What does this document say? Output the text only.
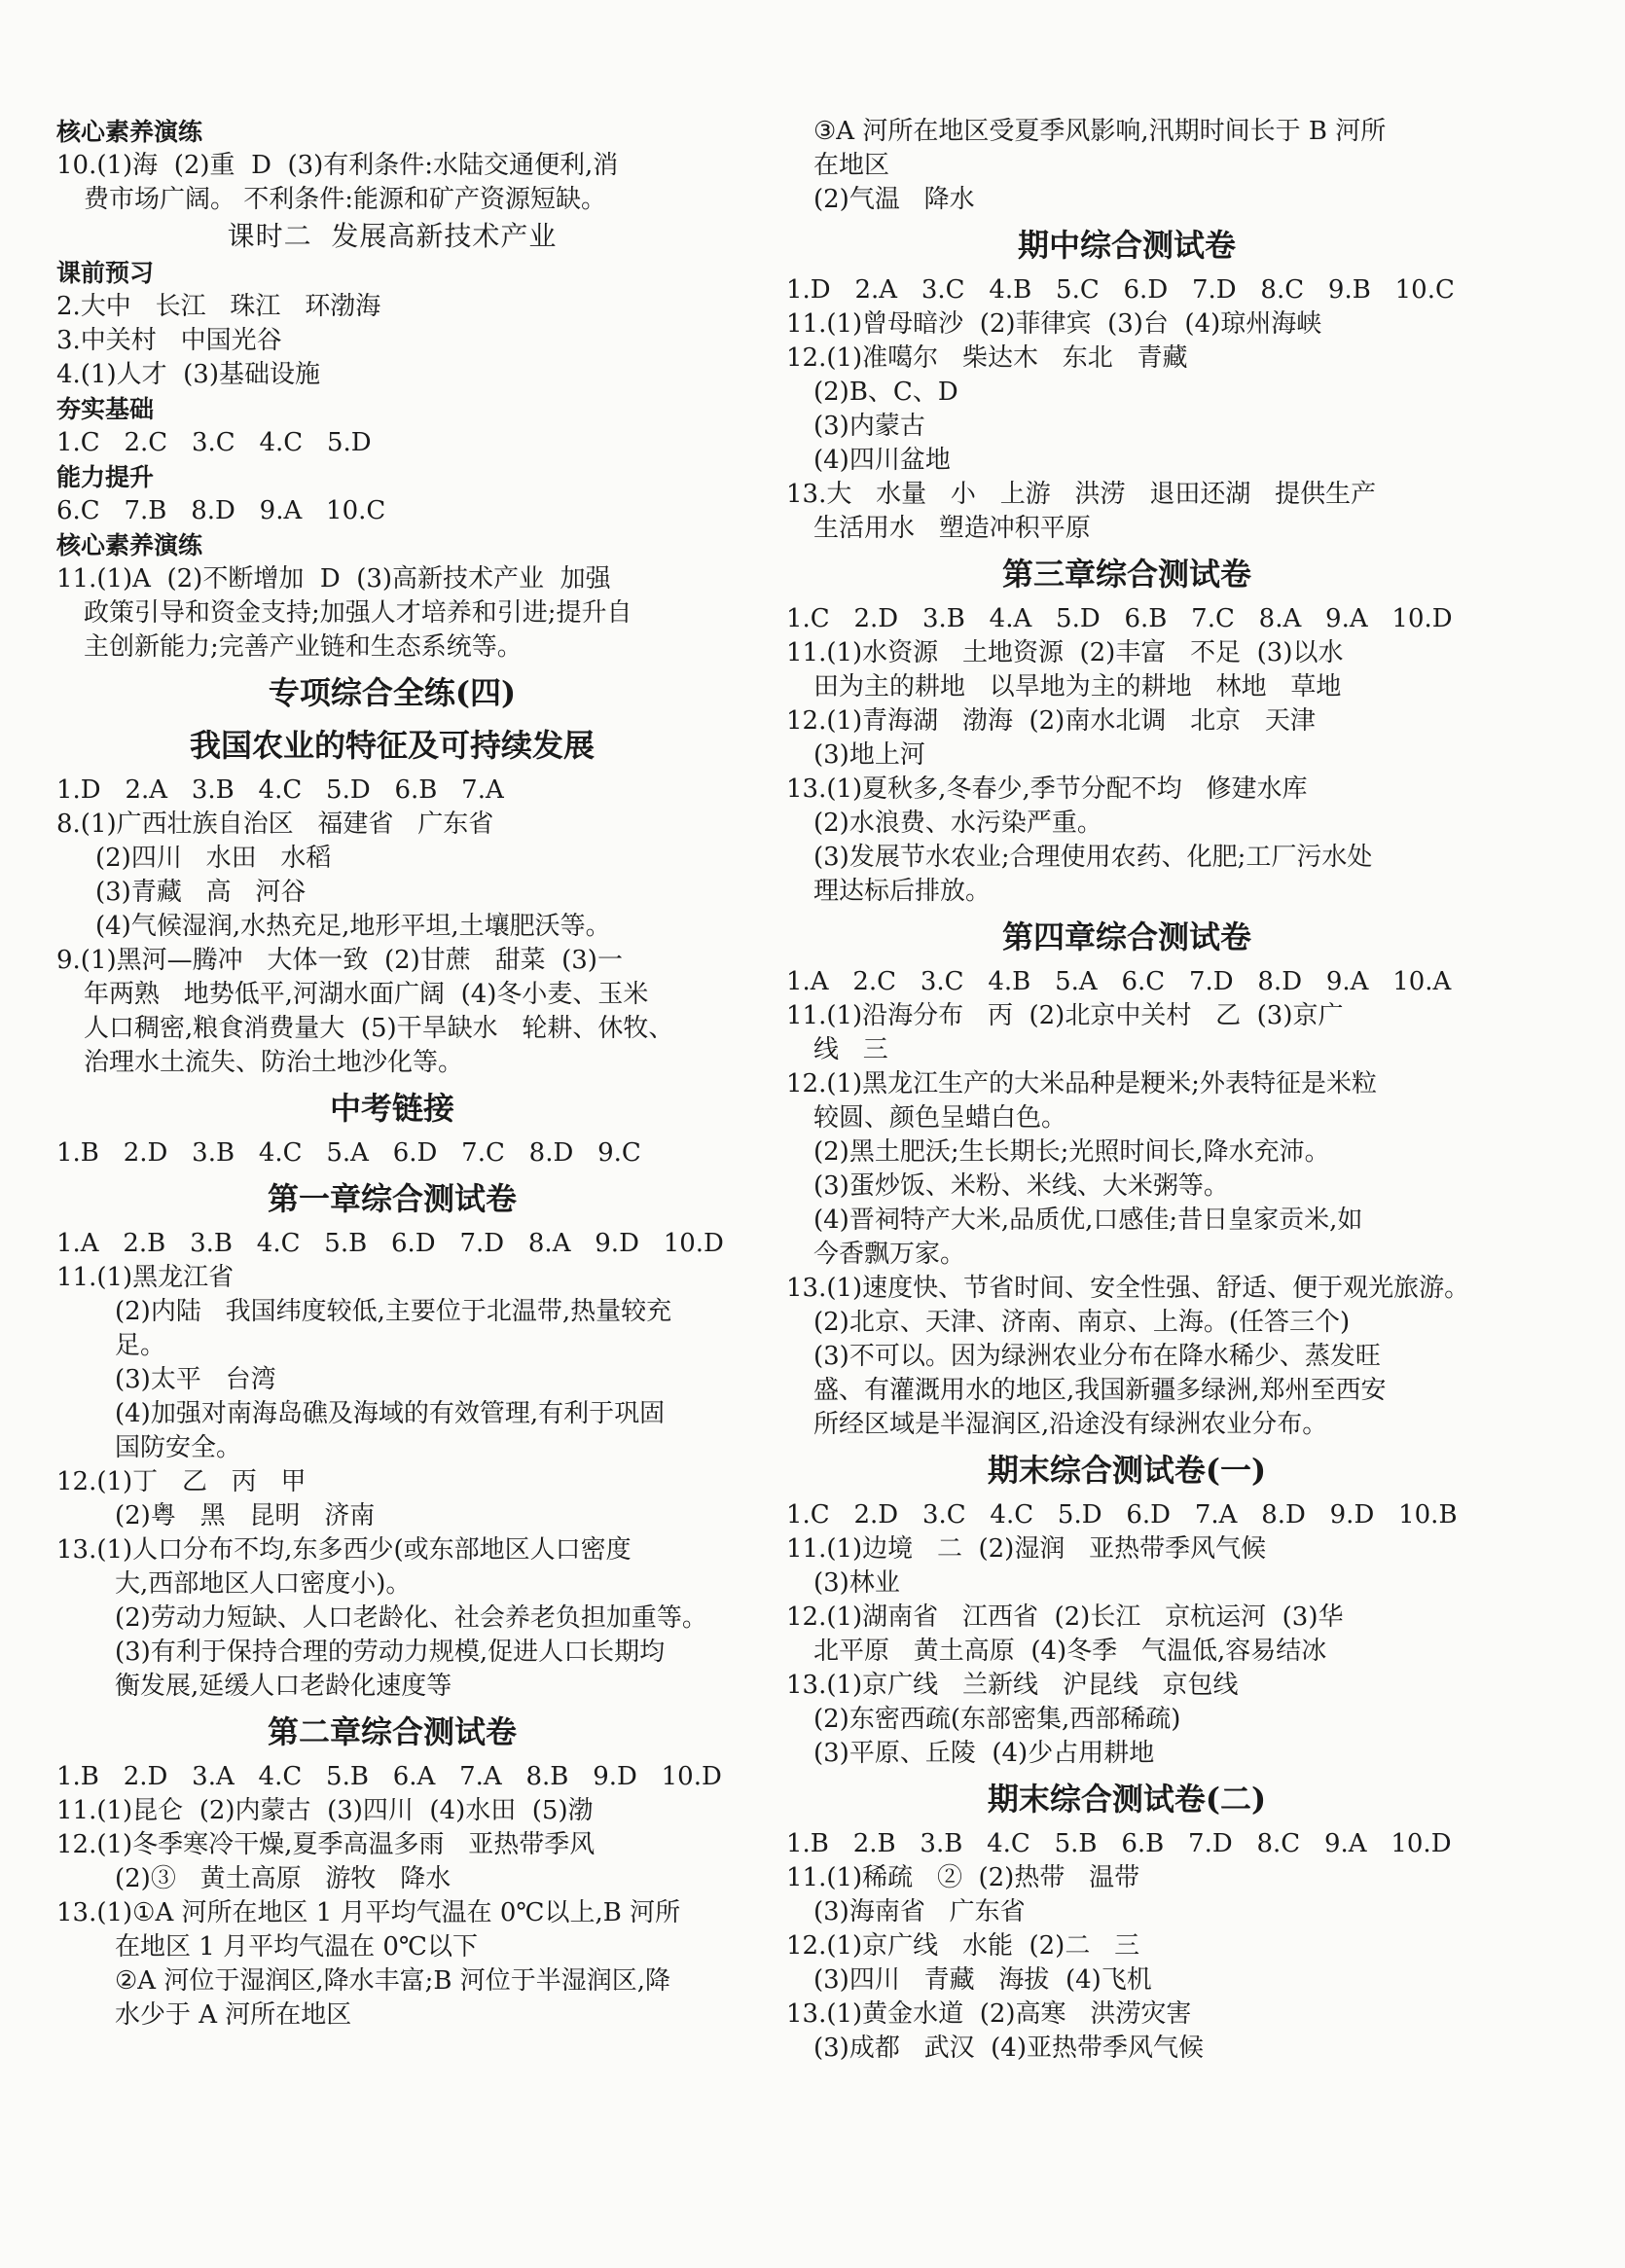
核心素养演练
10.(1)海  (2)重  D  (3)有利条件:水陆交通便利,消
费市场广阔。 不利条件:能源和矿产资源短缺。
课时二  发展高新技术产业
课前预习
2.大中   长江   珠江   环渤海
3.中关村   中国光谷
4.(1)人才  (3)基础设施
夯实基础
1.C   2.C   3.C   4.C   5.D
能力提升
6.C   7.B   8.D   9.A   10.C
核心素养演练
11.(1)A  (2)不断增加  D  (3)高新技术产业  加强
政策引导和资金支持;加强人才培养和引进;提升自
主创新能力;完善产业链和生态系统等。
专项综合全练(四)
我国农业的特征及可持续发展
1.D   2.A   3.B   4.C   5.D   6.B   7.A
8.(1)广西壮族自治区   福建省   广东省
(2)四川   水田   水稻
(3)青藏   高   河谷
(4)气候湿润,水热充足,地形平坦,土壤肥沃等。
9.(1)黑河—腾冲   大体一致  (2)甘蔗   甜菜  (3)一
年两熟   地势低平,河湖水面广阔  (4)冬小麦、玉米
人口稠密,粮食消费量大  (5)干旱缺水   轮耕、休牧、
治理水土流失、防治土地沙化等。
中考链接
1.B   2.D   3.B   4.C   5.A   6.D   7.C   8.D   9.C
第一章综合测试卷
1.A   2.B   3.B   4.C   5.B   6.D   7.D   8.A   9.D   10.D
11.(1)黑龙江省
(2)内陆   我国纬度较低,主要位于北温带,热量较充
足。
(3)太平   台湾
(4)加强对南海岛礁及海域的有效管理,有利于巩固
国防安全。
12.(1)丁   乙   丙   甲
(2)粤   黑   昆明   济南
13.(1)人口分布不均,东多西少(或东部地区人口密度
大,西部地区人口密度小)。
(2)劳动力短缺、人口老龄化、社会养老负担加重等。
(3)有利于保持合理的劳动力规模,促进人口长期均
衡发展,延缓人口老龄化速度等
第二章综合测试卷
1.B   2.D   3.A   4.C   5.B   6.A   7.A   8.B   9.D   10.D
11.(1)昆仑  (2)内蒙古  (3)四川  (4)水田  (5)渤
12.(1)冬季寒冷干燥,夏季高温多雨   亚热带季风
(2)③   黄土高原   游牧   降水
13.(1)①A 河所在地区 1 月平均气温在 0℃以上,B 河所
在地区 1 月平均气温在 0℃以下
②A 河位于湿润区,降水丰富;B 河位于半湿润区,降
水少于 A 河所在地区
③A 河所在地区受夏季风影响,汛期时间长于 B 河所
在地区
(2)气温   降水
期中综合测试卷
1.D   2.A   3.C   4.B   5.C   6.D   7.D   8.C   9.B   10.C
11.(1)曾母暗沙  (2)菲律宾  (3)台  (4)琼州海峡
12.(1)准噶尔   柴达木   东北   青藏
(2)B、C、D
(3)内蒙古
(4)四川盆地
13.大   水量   小   上游   洪涝   退田还湖   提供生产
生活用水   塑造冲积平原
第三章综合测试卷
1.C   2.D   3.B   4.A   5.D   6.B   7.C   8.A   9.A   10.D
11.(1)水资源   土地资源  (2)丰富   不足  (3)以水
田为主的耕地   以旱地为主的耕地   林地   草地
12.(1)青海湖   渤海  (2)南水北调   北京   天津
(3)地上河
13.(1)夏秋多,冬春少,季节分配不均   修建水库
(2)水浪费、水污染严重。
(3)发展节水农业;合理使用农药、化肥;工厂污水处
理达标后排放。
第四章综合测试卷
1.A   2.C   3.C   4.B   5.A   6.C   7.D   8.D   9.A   10.A
11.(1)沿海分布   丙  (2)北京中关村   乙  (3)京广
线   三
12.(1)黑龙江生产的大米品种是粳米;外表特征是米粒
较圆、颜色呈蜡白色。
(2)黑土肥沃;生长期长;光照时间长,降水充沛。
(3)蛋炒饭、米粉、米线、大米粥等。
(4)晋祠特产大米,品质优,口感佳;昔日皇家贡米,如
今香飘万家。
13.(1)速度快、节省时间、安全性强、舒适、便于观光旅游。
(2)北京、天津、济南、南京、上海。(任答三个)
(3)不可以。因为绿洲农业分布在降水稀少、蒸发旺
盛、有灌溉用水的地区,我国新疆多绿洲,郑州至西安
所经区域是半湿润区,沿途没有绿洲农业分布。
期末综合测试卷(一)
1.C   2.D   3.C   4.C   5.D   6.D   7.A   8.D   9.D   10.B
11.(1)边境   二  (2)湿润   亚热带季风气候
(3)林业
12.(1)湖南省   江西省  (2)长江   京杭运河  (3)华
北平原   黄土高原  (4)冬季   气温低,容易结冰
13.(1)京广线   兰新线   沪昆线   京包线
(2)东密西疏(东部密集,西部稀疏)
(3)平原、丘陵  (4)少占用耕地
期末综合测试卷(二)
1.B   2.B   3.B   4.C   5.B   6.B   7.D   8.C   9.A   10.D
11.(1)稀疏   ②  (2)热带   温带
(3)海南省   广东省
12.(1)京广线   水能  (2)二   三
(3)四川   青藏   海拔  (4)飞机
13.(1)黄金水道  (2)高寒   洪涝灾害
(3)成都   武汉  (4)亚热带季风气候
